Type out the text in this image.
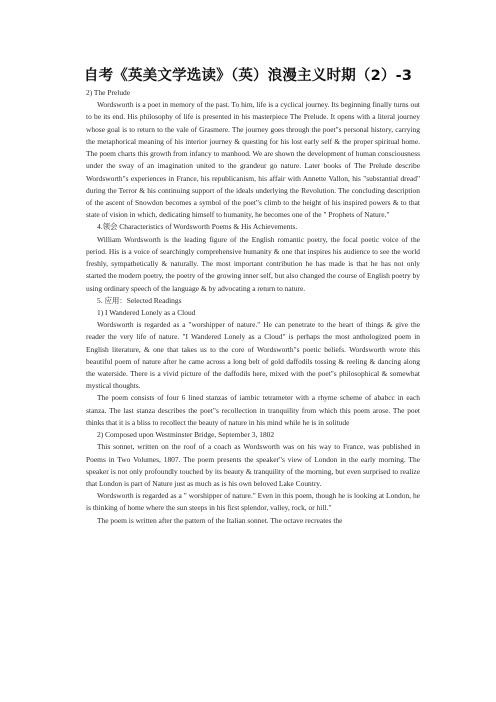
自考《英美文学选读》（英）浪漫主义时期（2）-3

2) The Prelude

Wordsworth is a poet in memory of the past. To him, life is a cyclical journey. Its beginning finally turns out to be its end. His philosophy of life is presented in his masterpiece The Prelude. It opens with a literal journey whose goal is to return to the vale of Grasmere. The journey goes through the poet"s personal history, carrying the metaphorical meaning of his interior journey & questing for his lost early self & the proper spiritual home. The poem charts this growth from infancy to manhood. We are shown the development of human consciousness under the sway of an imagination united to the grandeur go nature. Later books of The Prelude describe Wordsworth"s experiences in France, his republicanism, his affair with Annette Vallon, his "substantial dread" during the Terror & his continuing support of the ideals underlying the Revolution. The concluding description of the ascent of Snowdon becomes a symbol of the poet"s climb to the height of his inspired powers & to that state of vision in which, dedicating himself to humanity, he becomes one of the " Prophets of Nature."

4.领会 Characteristics of Wordsworth Poems & His Achievements.

William Wordsworth is the leading figure of the English romantic poetry, the focal poetic voice of the period. His is a voice of searchingly comprehensive humanity & one that inspires his audience to see the world freshly, sympathetically & naturally. The most important contribution he has made is that he has not only started the modern poetry, the poetry of the growing inner self, but also changed the course of English poetry by using ordinary speech of the language & by advocating a return to nature.

5. 应用：Selected Readings

1) I Wandered Lonely as a Cloud

Wordsworth is regarded as a "worshipper of nature." He can penetrate to the heart of things & give the reader the very life of nature. "I Wandered Lonely as a Cloud" is perhaps the most anthologized poem in English literature, & one that takes us to the core of Wordsworth"s poetic beliefs. Wordsworth wrote this beautiful poem of nature after he came across a long belt of gold daffodils tossing & reeling & dancing along the waterside. There is a vivid picture of the daffodils here, mixed with the poet"s philosophical & somewhat mystical thoughts.

The poem consists of four 6 lined stanzas of iambic tetrameter with a rhyme scheme of ababcc in each stanza. The last stanza describes the poet"s recollection in tranquility from which this poem arose. The poet thinks that it is a bliss to recollect the beauty of nature in his mind while he is in solitude

2) Composed upon Westminster Bridge, September 3, 1802

This sonnet, written on the roof of a coach as Wordsworth was on his way to France, was published in Poems in Two Volumes, 1807. The poem presents the speaker"s view of London in the early morning. The speaker is not only profoundly touched by its beauty & tranquility of the morning, but even surprised to realize that London is part of Nature just as much as is his own beloved Lake Country.

Wordsworth is regarded as a " worshipper of nature." Even in this poem, though he is looking at London, he is thinking of home where the sun steeps in his first splendor, valley, rock, or hill."

The poem is written after the pattern of the Italian sonnet. The octave recreates the
